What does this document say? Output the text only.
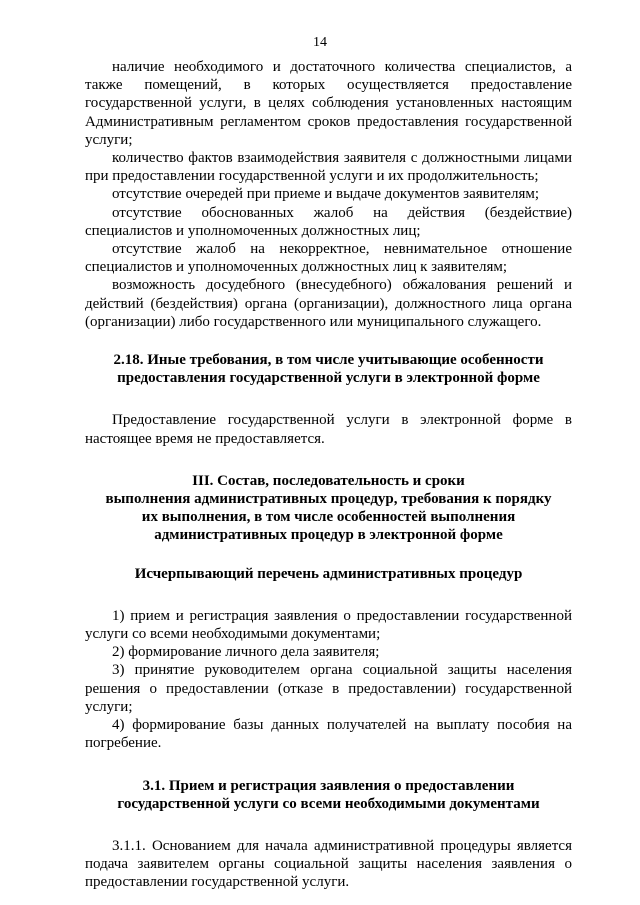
14

наличие необходимого и достаточного количества специалистов, а также помещений, в которых осуществляется предоставление государственной услуги, в целях соблюдения установленных настоящим Административным регламентом сроков предоставления государственной услуги;

количество фактов взаимодействия заявителя с должностными лицами при предоставлении государственной услуги и их продолжительность;

отсутствие очередей при приеме и выдаче документов заявителям;

отсутствие обоснованных жалоб на действия (бездействие) специалистов и уполномоченных должностных лиц;

отсутствие жалоб на некорректное, невнимательное отношение специалистов и уполномоченных должностных лиц к заявителям;

возможность досудебного (внесудебного) обжалования решений и действий (бездействия) органа (организации), должностного лица органа (организации) либо государственного или муниципального служащего.

2.18. Иные требования, в том числе учитывающие особенности

предоставления государственной услуги в электронной форме

Предоставление государственной услуги в электронной форме в настоящее время не предоставляется.

III. Состав, последовательность и сроки

выполнения административных процедур, требования к порядку

их выполнения, в том числе особенностей выполнения

административных процедур в электронной форме

Исчерпывающий перечень административных процедур

1) прием и регистрация заявления о предоставлении государственной услуги со всеми необходимыми документами;

2) формирование личного дела заявителя;

3) принятие руководителем органа социальной защиты населения решения о предоставлении (отказе в предоставлении) государственной услуги;

4) формирование базы данных получателей на выплату пособия на погребение.

3.1. Прием и регистрация заявления о предоставлении

государственной услуги со всеми необходимыми документами

3.1.1. Основанием для начала административной процедуры является подача заявителем органы социальной защиты населения заявления о предоставлении государственной услуги.
